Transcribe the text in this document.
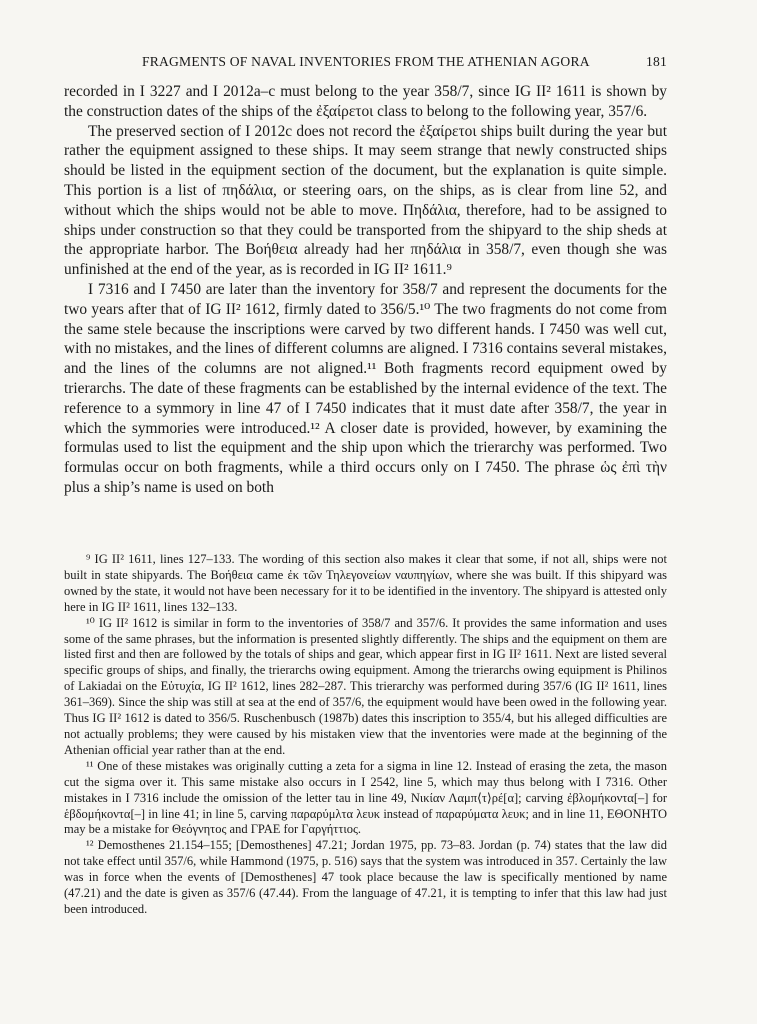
FRAGMENTS OF NAVAL INVENTORIES FROM THE ATHENIAN AGORA	181

recorded in I 3227 and I 2012a–c must belong to the year 358/7, since IG II² 1611 is shown by the construction dates of the ships of the ἐξαίρετοι class to belong to the following year, 357/6.

The preserved section of I 2012c does not record the ἐξαίρετοι ships built during the year but rather the equipment assigned to these ships. It may seem strange that newly constructed ships should be listed in the equipment section of the document, but the explanation is quite simple. This portion is a list of πηδάλια, or steering oars, on the ships, as is clear from line 52, and without which the ships would not be able to move. Πηδάλια, therefore, had to be assigned to ships under construction so that they could be transported from the shipyard to the ship sheds at the appropriate harbor. The Βοήθεια already had her πηδάλια in 358/7, even though she was unfinished at the end of the year, as is recorded in IG II² 1611.⁹

I 7316 and I 7450 are later than the inventory for 358/7 and represent the documents for the two years after that of IG II² 1612, firmly dated to 356/5.¹⁰ The two fragments do not come from the same stele because the inscriptions were carved by two different hands. I 7450 was well cut, with no mistakes, and the lines of different columns are aligned. I 7316 contains several mistakes, and the lines of the columns are not aligned.¹¹ Both fragments record equipment owed by trierarchs. The date of these fragments can be established by the internal evidence of the text. The reference to a symmory in line 47 of I 7450 indicates that it must date after 358/7, the year in which the symmories were introduced.¹² A closer date is provided, however, by examining the formulas used to list the equipment and the ship upon which the trierarchy was performed. Two formulas occur on both fragments, while a third occurs only on I 7450. The phrase ὡς ἐπὶ τὴν plus a ship’s name is used on both

⁹ IG II² 1611, lines 127–133. The wording of this section also makes it clear that some, if not all, ships were not built in state shipyards. The Βοήθεια came ἐκ τῶν Τηλεγονείων ναυπηγίων, where she was built. If this shipyard was owned by the state, it would not have been necessary for it to be identified in the inventory. The shipyard is attested only here in IG II² 1611, lines 132–133.

¹⁰ IG II² 1612 is similar in form to the inventories of 358/7 and 357/6. It provides the same information and uses some of the same phrases, but the information is presented slightly differently. The ships and the equipment on them are listed first and then are followed by the totals of ships and gear, which appear first in IG II² 1611. Next are listed several specific groups of ships, and finally, the trierarchs owing equipment. Among the trierarchs owing equipment is Philinos of Lakiadai on the Εὐτυχία, IG II² 1612, lines 282–287. This trierarchy was performed during 357/6 (IG II² 1611, lines 361–369). Since the ship was still at sea at the end of 357/6, the equipment would have been owed in the following year. Thus IG II² 1612 is dated to 356/5. Ruschenbusch (1987b) dates this inscription to 355/4, but his alleged difficulties are not actually problems; they were caused by his mistaken view that the inventories were made at the beginning of the Athenian official year rather than at the end.

¹¹ One of these mistakes was originally cutting a zeta for a sigma in line 12. Instead of erasing the zeta, the mason cut the sigma over it. This same mistake also occurs in I 2542, line 5, which may thus belong with I 7316. Other mistakes in I 7316 include the omission of the letter tau in line 49, Νικίαν Λαμπ⟨τ⟩ρέ[α]; carving ἐβλομήκοντα[–] for ἑβδομήκοντα[–] in line 41; in line 5, carving παραρύμλτα λευκ instead of παραρύματα λευκ; and in line 11, ΕΘΟΝΗΤΟ may be a mistake for Θεόγνητος and ΓΡΑΕ for Γαργήττιος.

¹² Demosthenes 21.154–155; [Demosthenes] 47.21; Jordan 1975, pp. 73–83. Jordan (p. 74) states that the law did not take effect until 357/6, while Hammond (1975, p. 516) says that the system was introduced in 357. Certainly the law was in force when the events of [Demosthenes] 47 took place because the law is specifically mentioned by name (47.21) and the date is given as 357/6 (47.44). From the language of 47.21, it is tempting to infer that this law had just been introduced.
